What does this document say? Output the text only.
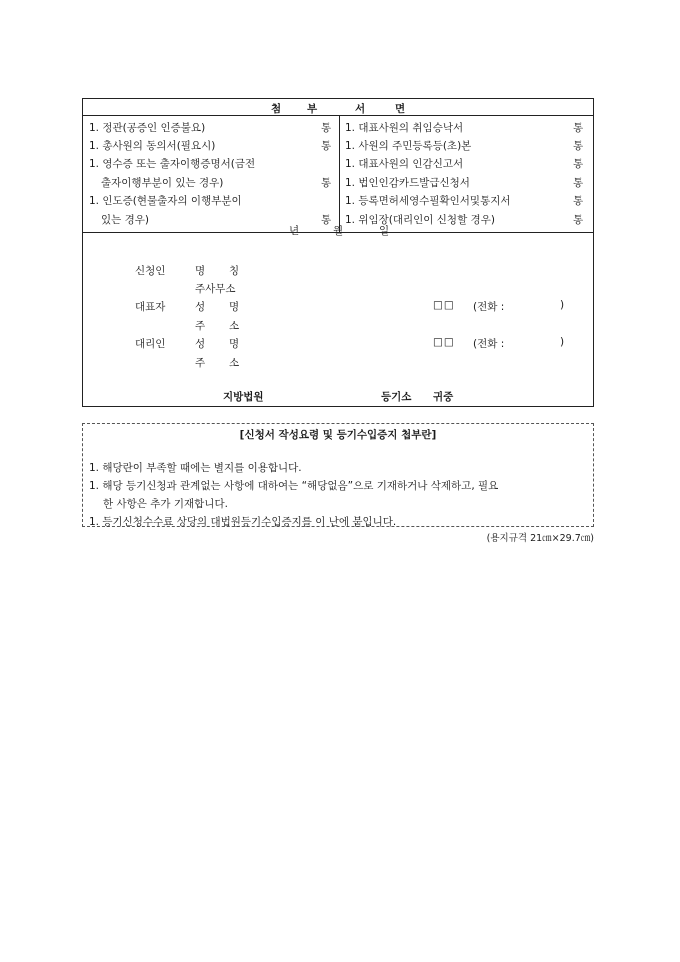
첨 부	서	면
1. 정관(공증인 인증불요)	통
1. 총사원의 동의서(필요시)	통
1. 영수증 또는 출자이행증명서(금전
출자이행부분이 있는 경우)	통
1. 인도증(현물출자의 이행부분이
있는 경우)	통
1. 대표사원의 취임승낙서	통
1. 사원의 주민등록등(초)본	통
1. 대표사원의 인감신고서	통
1. 법인인감카드발급신청서	통
1. 등록면허세영수필확인서및통지서	통
1. 위임장(대리인이 신청할 경우)	통
년	월	일
신청인	명 칭
주사무소
대표자	성 명	□□ (전화 :	)
주 소
대리인	성 명	□□ (전화 :	)
주 소
지방법원	등기소 귀중
[신청서 작성요령 및 등기수입증지 첩부란]
1. 해당란이 부족할 때에는 별지를 이용합니다.
1. 해당 등기신청과 관계없는 사항에 대하여는 “해당없음”으로 기재하거나 삭제하고, 필요
한 사항은 추가 기재합니다.
1. 등기신청수수료 상당의 대법원등기수입증지를 이 난에 붙입니다.
(용지규격 21㎝×29.7㎝)
